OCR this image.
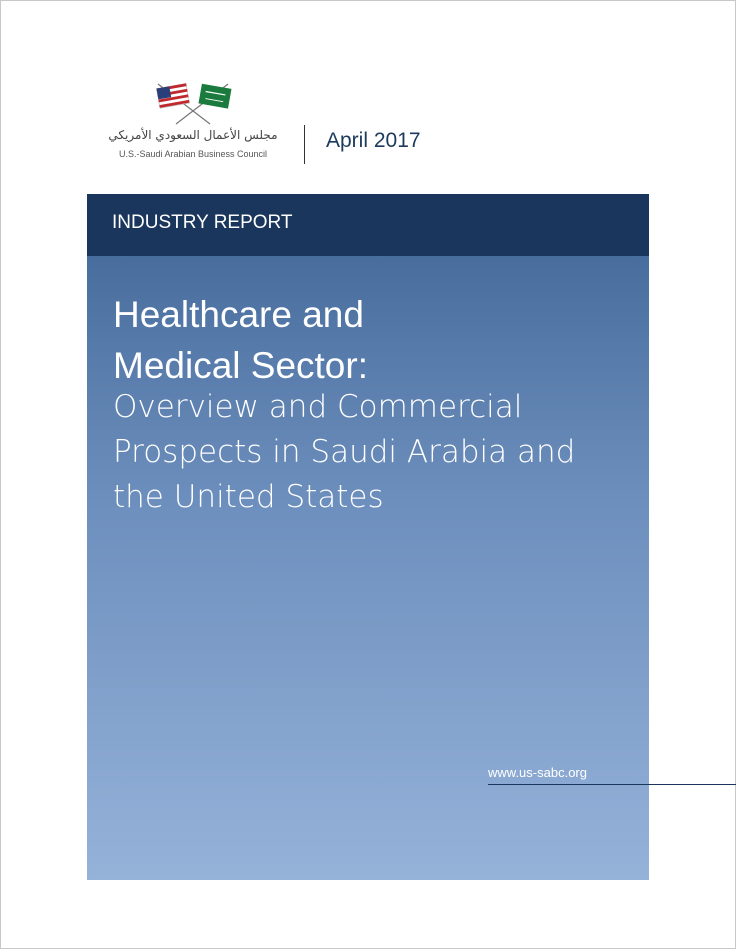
مجلس الأعمال السعودي الأمريكي
U.S.-Saudi Arabian Business Council
April 2017
INDUSTRY REPORT
Healthcare and
Medical Sector:
Overview and Commercial
Prospects in Saudi Arabia and
the United States
www.us-sabc.org
